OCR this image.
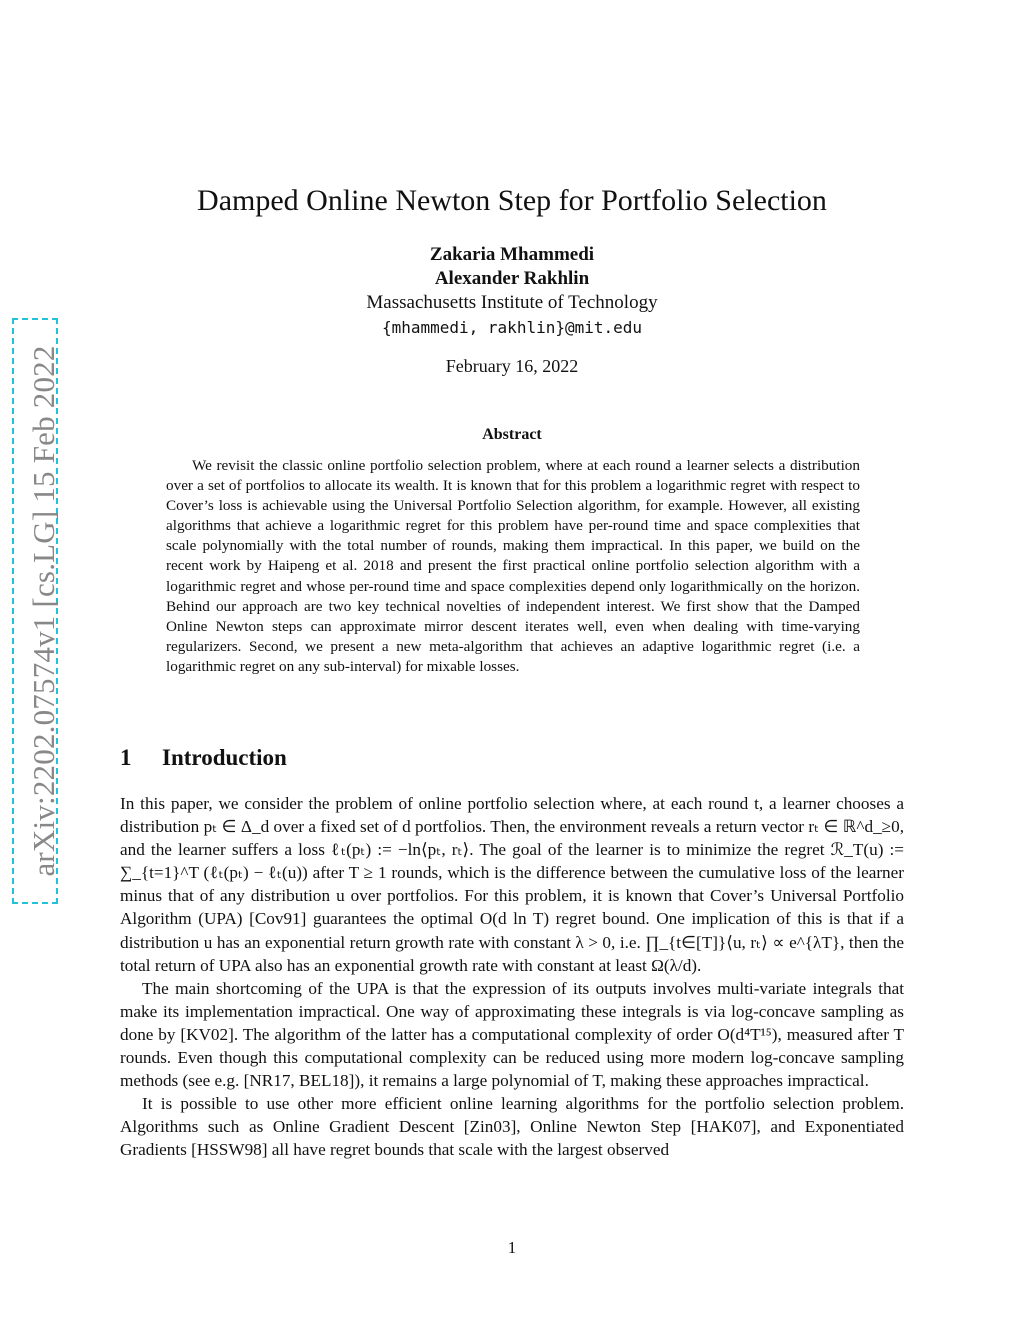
arXiv:2202.07574v1 [cs.LG] 15 Feb 2022
Damped Online Newton Step for Portfolio Selection
Zakaria Mhammedi
Alexander Rakhlin
Massachusetts Institute of Technology
{mhammedi, rakhlin}@mit.edu
February 16, 2022
Abstract

We revisit the classic online portfolio selection problem, where at each round a learner selects a distribution over a set of portfolios to allocate its wealth. It is known that for this problem a logarithmic regret with respect to Cover’s loss is achievable using the Universal Portfolio Selection algorithm, for example. However, all existing algorithms that achieve a logarithmic regret for this problem have per-round time and space complexities that scale polynomially with the total number of rounds, making them impractical. In this paper, we build on the recent work by Haipeng et al. 2018 and present the first practical online portfolio selection algorithm with a logarithmic regret and whose per-round time and space complexities depend only logarithmically on the horizon. Behind our approach are two key technical novelties of independent interest. We first show that the Damped Online Newton steps can approximate mirror descent iterates well, even when dealing with time-varying regularizers. Second, we present a new meta-algorithm that achieves an adaptive logarithmic regret (i.e. a logarithmic regret on any sub-interval) for mixable losses.

1 Introduction

In this paper, we consider the problem of online portfolio selection where, at each round t, a learner chooses a distribution pₜ ∈ Δ_d over a fixed set of d portfolios. Then, the environment reveals a return vector rₜ ∈ ℝ^d_≥0, and the learner suffers a loss ℓₜ(pₜ) := −ln⟨pₜ, rₜ⟩. The goal of the learner is to minimize the regret ℛ_T(u) := ∑_{t=1}^T (ℓₜ(pₜ) − ℓₜ(u)) after T ≥ 1 rounds, which is the difference between the cumulative loss of the learner minus that of any distribution u over portfolios. For this problem, it is known that Cover’s Universal Portfolio Algorithm (UPA) [Cov91] guarantees the optimal O(d ln T) regret bound. One implication of this is that if a distribution u has an exponential return growth rate with constant λ > 0, i.e. ∏_{t∈[T]}⟨u, rₜ⟩ ∝ e^{λT}, then the total return of UPA also has an exponential growth rate with constant at least Ω(λ/d).

The main shortcoming of the UPA is that the expression of its outputs involves multi-variate integrals that make its implementation impractical. One way of approximating these integrals is via log-concave sampling as done by [KV02]. The algorithm of the latter has a computational complexity of order O(d⁴T¹⁵), measured after T rounds. Even though this computational complexity can be reduced using more modern log-concave sampling methods (see e.g. [NR17, BEL18]), it remains a large polynomial of T, making these approaches impractical.

It is possible to use other more efficient online learning algorithms for the portfolio selection problem. Algorithms such as Online Gradient Descent [Zin03], Online Newton Step [HAK07], and Exponentiated Gradients [HSSW98] all have regret bounds that scale with the largest observed

1
